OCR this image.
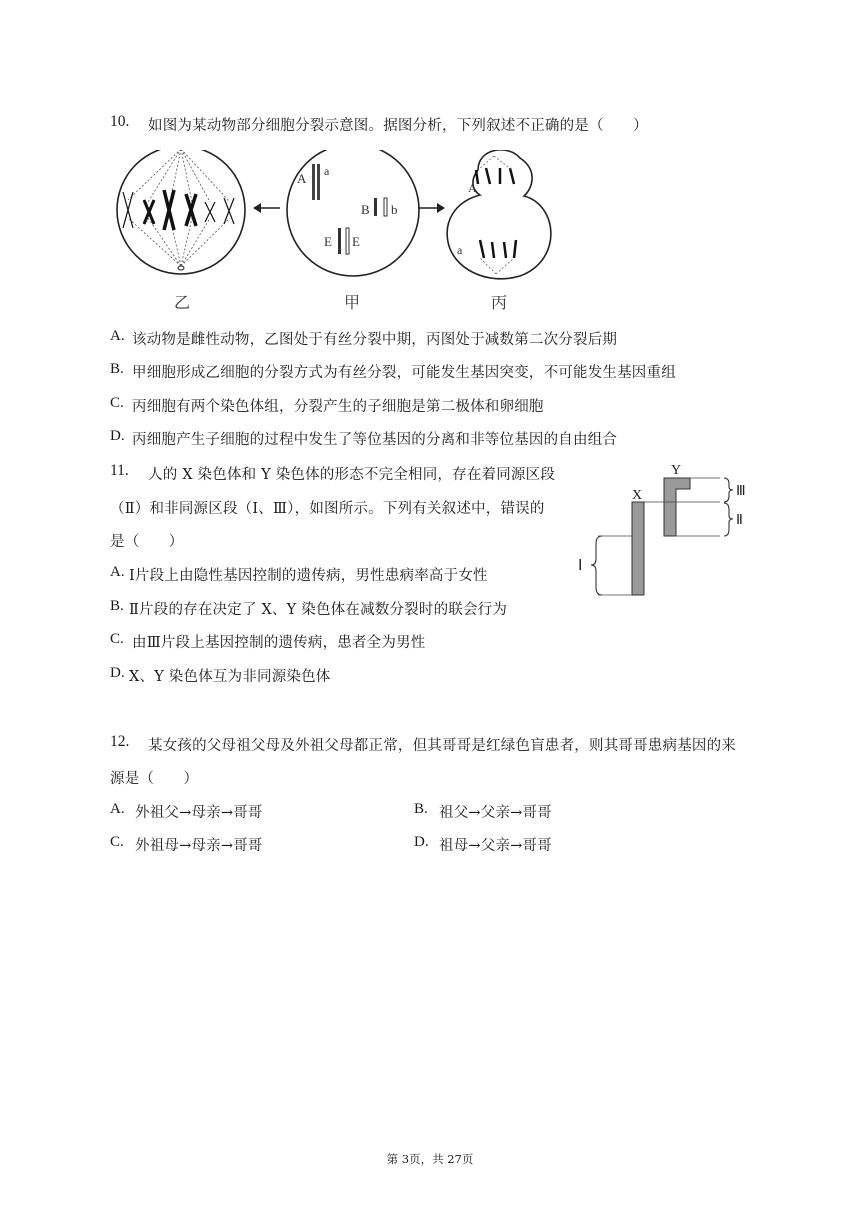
10. 如图为某动物部分细胞分裂示意图。据图分析，下列叙述不正确的是（　　）
乙
A a
B b
E E
甲
A
a
丙
A. 该动物是雌性动物，乙图处于有丝分裂中期，丙图处于减数第二次分裂后期
B. 甲细胞形成乙细胞的分裂方式为有丝分裂，可能发生基因突变，不可能发生基因重组
C. 丙细胞有两个染色体组，分裂产生的子细胞是第二极体和卵细胞
D. 丙细胞产生子细胞的过程中发生了等位基因的分离和非等位基因的自由组合
11. 人的 X 染色体和 Y 染色体的形态不完全相同，存在着同源区段
（Ⅱ）和非同源区段（Ⅰ、Ⅲ），如图所示。下列有关叙述中，错误的
是（　　）
X
Y
Ⅲ
Ⅱ
Ⅰ
A. Ⅰ片段上由隐性基因控制的遗传病，男性患病率高于女性
B. Ⅱ片段的存在决定了 X、Y 染色体在减数分裂时的联会行为
C. 由Ⅲ片段上基因控制的遗传病，患者全为男性
D. X、Y 染色体互为非同源染色体
12. 某女孩的父母祖父母及外祖父母都正常，但其哥哥是红绿色盲患者，则其哥哥患病基因的来
源是（　　）
A. 外祖父→母亲→哥哥	B. 祖父→父亲→哥哥
C. 外祖母→母亲→哥哥	D. 祖母→父亲→哥哥
第 3页，共 27页
